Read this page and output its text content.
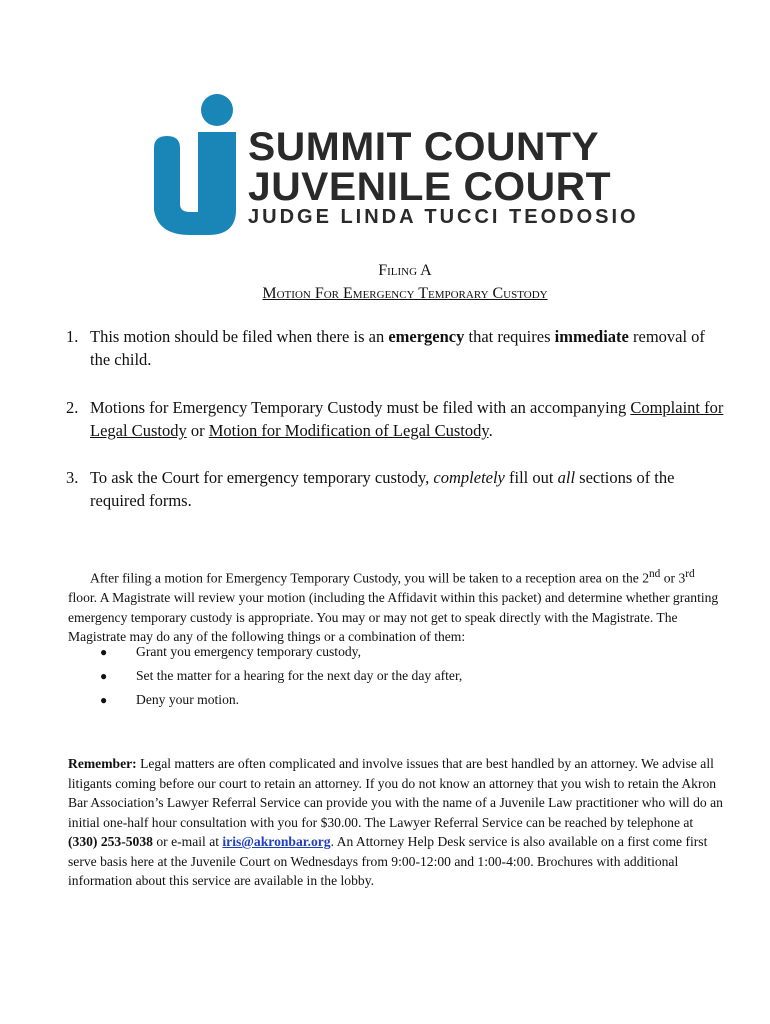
SUMMIT COUNTY
JUVENILE COURT
JUDGE LINDA TUCCI TEODOSIO
Filing A
Motion For Emergency Temporary Custody
1. This motion should be filed when there is an emergency that requires immediate removal of the child.
2. Motions for Emergency Temporary Custody must be filed with an accompanying Complaint for Legal Custody or Motion for Modification of Legal Custody.
3. To ask the Court for emergency temporary custody, completely fill out all sections of the required forms.
After filing a motion for Emergency Temporary Custody, you will be taken to a reception area on the 2nd or 3rd floor. A Magistrate will review your motion (including the Affidavit within this packet) and determine whether granting emergency temporary custody is appropriate. You may or may not get to speak directly with the Magistrate. The Magistrate may do any of the following things or a combination of them:
● Grant you emergency temporary custody,
● Set the matter for a hearing for the next day or the day after,
● Deny your motion.
Remember: Legal matters are often complicated and involve issues that are best handled by an attorney. We advise all litigants coming before our court to retain an attorney. If you do not know an attorney that you wish to retain the Akron Bar Association’s Lawyer Referral Service can provide you with the name of a Juvenile Law practitioner who will do an initial one-half hour consultation with you for $30.00. The Lawyer Referral Service can be reached by telephone at (330) 253-5038 or e-mail at iris@akronbar.org. An Attorney Help Desk service is also available on a first come first serve basis here at the Juvenile Court on Wednesdays from 9:00-12:00 and 1:00-4:00. Brochures with additional information about this service are available in the lobby.
